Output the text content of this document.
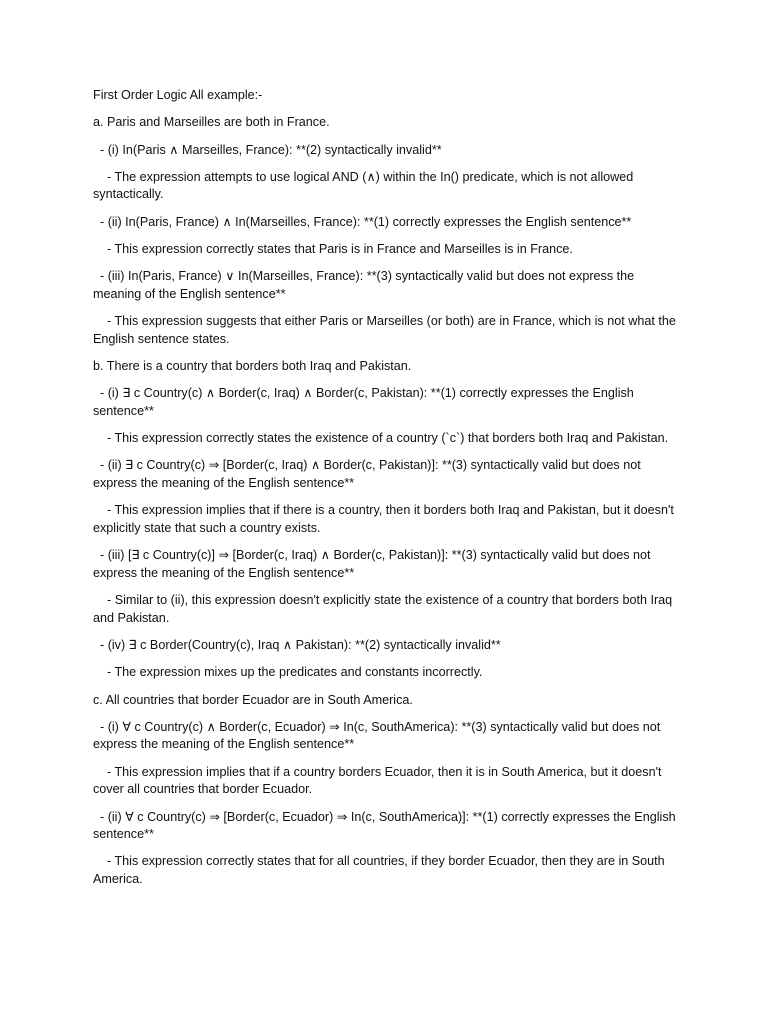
First Order Logic All example:-

a. Paris and Marseilles are both in France.

- (i) In(Paris ∧ Marseilles, France): **(2) syntactically invalid**

- The expression attempts to use logical AND (∧) within the In() predicate, which is not allowed syntactically.

- (ii) In(Paris, France) ∧ In(Marseilles, France): **(1) correctly expresses the English sentence**

- This expression correctly states that Paris is in France and Marseilles is in France.

- (iii) In(Paris, France) ∨ In(Marseilles, France): **(3) syntactically valid but does not express the meaning of the English sentence**

- This expression suggests that either Paris or Marseilles (or both) are in France, which is not what the English sentence states.

b. There is a country that borders both Iraq and Pakistan.

- (i) ∃ c Country(c) ∧ Border(c, Iraq) ∧ Border(c, Pakistan): **(1) correctly expresses the English sentence**

- This expression correctly states the existence of a country (`c`) that borders both Iraq and Pakistan.

- (ii) ∃ c Country(c) ⇒ [Border(c, Iraq) ∧ Border(c, Pakistan)]: **(3) syntactically valid but does not express the meaning of the English sentence**

- This expression implies that if there is a country, then it borders both Iraq and Pakistan, but it doesn't explicitly state that such a country exists.

- (iii) [∃ c Country(c)] ⇒ [Border(c, Iraq) ∧ Border(c, Pakistan)]: **(3) syntactically valid but does not express the meaning of the English sentence**

- Similar to (ii), this expression doesn't explicitly state the existence of a country that borders both Iraq and Pakistan.

- (iv) ∃ c Border(Country(c), Iraq ∧ Pakistan): **(2) syntactically invalid**

- The expression mixes up the predicates and constants incorrectly.

c. All countries that border Ecuador are in South America.

- (i) ∀ c Country(c) ∧ Border(c, Ecuador) ⇒ In(c, SouthAmerica): **(3) syntactically valid but does not express the meaning of the English sentence**

- This expression implies that if a country borders Ecuador, then it is in South America, but it doesn't cover all countries that border Ecuador.

- (ii) ∀ c Country(c) ⇒ [Border(c, Ecuador) ⇒ In(c, SouthAmerica)]: **(1) correctly expresses the English sentence**

- This expression correctly states that for all countries, if they border Ecuador, then they are in South America.
